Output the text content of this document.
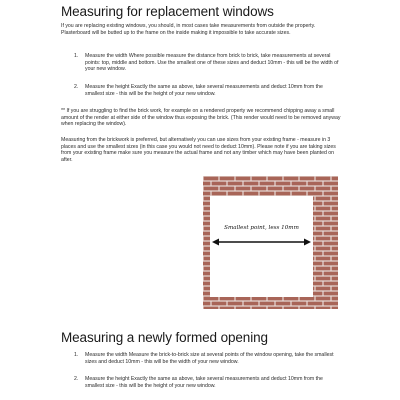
Measuring for replacement windows

If you are replacing existing windows, you should, in most cases take measurements from outside the property. Plasterboard will be butted up to the frame on the inside making it impossible to take accurate sizes.

1.	Measure the width Where possible measure the distance from brick to brick, take measurements at several points: top, middle and bottom. Use the smallest one of these sizes and deduct 10mm - this will be the width of your new window.
2.	Measure the height Exactly the same as above, take several measurements and deduct 10mm from the smallest size - this will be the height of your new window.

** If you are struggling to find the brick work, for example on a rendered property we recommend chipping away a small amount of the render at either side of the window thus exposing the brick. (This render would need to be removed anyway when replacing the window).

Measuring from the brickwork is preferred, but alternatively you can use sizes from your existing frame - measure in 3 places and use the smallest sizes (in this case you would not need to deduct 10mm). Please note if you are taking sizes from your existing frame make sure you measure the actual frame and not any timber which may have been planted on after.

Smallest point, less 10mm
Measuring a newly formed opening
1.	Measure the width Measure the brick-to-brick size at several points of the window opening, take the smallest sizes and deduct 10mm - this will be the width of your new window.
2.	Measure the height Exactly the same as above, take several measurements and deduct 10mm from the smallest size - this will be the height of your new window.
